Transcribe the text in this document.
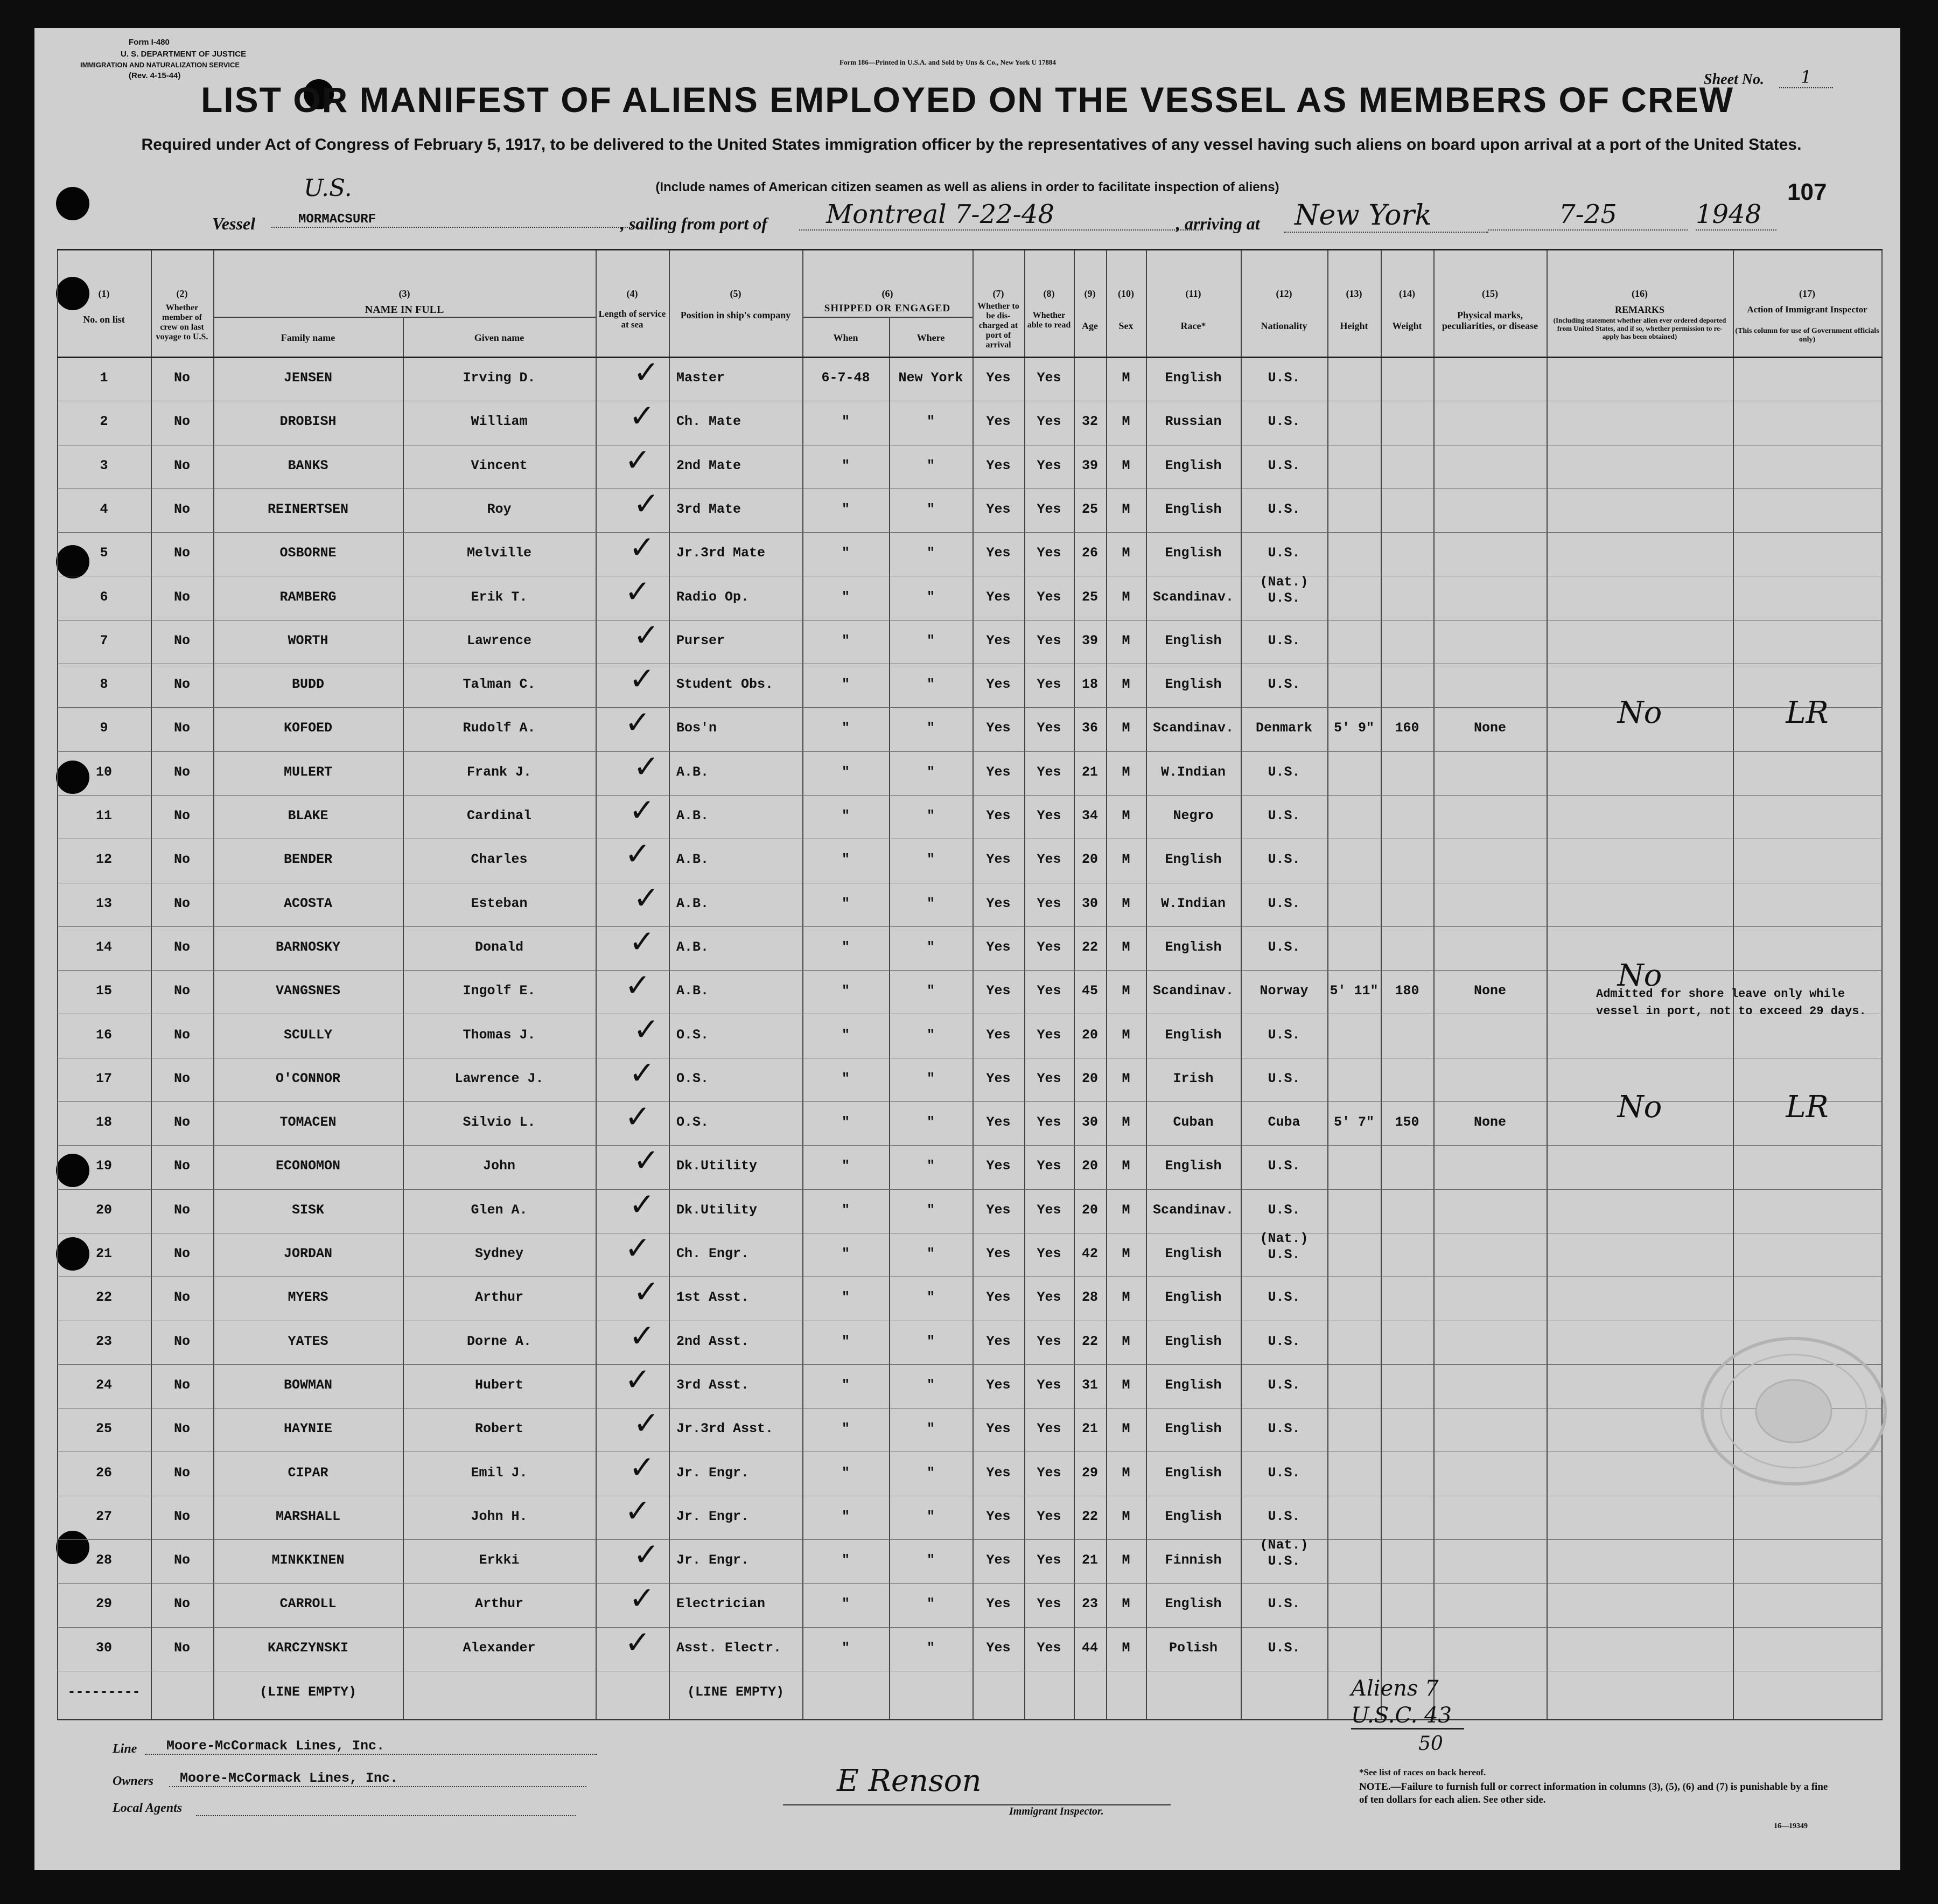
Form I-480
U. S. DEPARTMENT OF JUSTICE
IMMIGRATION AND NATURALIZATION SERVICE
(Rev. 4-15-44)
Form 186—Printed in U.S.A. and Sold by Uns & Co., New York U 17884
Sheet No.	1
LIST OR MANIFEST OF ALIENS EMPLOYED ON THE VESSEL AS MEMBERS OF CREW
Required under Act of Congress of February 5, 1917, to be delivered to the United States immigration officer by the representatives of any vessel having such aliens on board upon arrival at a port of the United States.
(Include names of American citizen seamen as well as aliens in order to facilitate inspection of aliens)	107
Vessel
U.S.
MORMACSURF	, sailing from port of	Montreal 7-22-48	, arriving at	New York	7-25	1948
(1)	(2)	(3)	(4)	(5)	(6)	(7)	(8)	(9)	(10)	(11)	(12)	(13)	(14)	(15)	(16)	(17)
No. on list
Whether member of crew on last voyage to U.S.
NAME IN FULL
Family name	Given name
Length of service at sea
Position in ship's company
SHIPPED OR ENGAGED
When	Where
Whether to be dis-charged at port of arrival
Whether able to read	Age	Sex	Race*	Nationality	Height	Weight
Physical marks, peculiarities, or disease
REMARKS
(Including statement whether alien ever ordered deported from United States, and if so, whether permission to re-apply has been obtained)
Action of Immigrant Inspector
(This column for use of Government officials only)
✓
1	No	JENSEN	Irving D.	Master	6-7-48	New York	Yes	Yes	M	English	U.S.
✓
2	No	DROBISH	William	Ch. Mate	"	"	Yes	Yes	32	M	Russian	U.S.
✓
3	No	BANKS	Vincent	2nd Mate	"	"	Yes	Yes	39	M	English	U.S.
✓
4	No	REINERTSEN	Roy	3rd Mate	"	"	Yes	Yes	25	M	English	U.S.
✓
5	No	OSBORNE	Melville	Jr.3rd Mate	"	"	Yes	Yes	26	M	English	U.S.
✓
6	No	RAMBERG	Erik T.	Radio Op.	"	"	Yes	Yes	25	M	Scandinav.
(Nat.) U.S.
✓
7	No	WORTH	Lawrence	Purser	"	"	Yes	Yes	39	M	English	U.S.
✓
8	No	BUDD	Talman C.	Student Obs.	"	"	Yes	Yes	18	M	English	U.S.
✓
9	No	KOFOED	Rudolf A.	Bos'n	"	"	Yes	Yes	36	M	Scandinav.	Denmark	5' 9"	160	None	No	LR
✓
10	No	MULERT	Frank J.	A.B.	"	"	Yes	Yes	21	M	W.Indian	U.S.
✓
11	No	BLAKE	Cardinal	A.B.	"	"	Yes	Yes	34	M	Negro	U.S.
✓
12	No	BENDER	Charles	A.B.	"	"	Yes	Yes	20	M	English	U.S.
✓
13	No	ACOSTA	Esteban	A.B.	"	"	Yes	Yes	30	M	W.Indian	U.S.
✓
14	No	BARNOSKY	Donald	A.B.	"	"	Yes	Yes	22	M	English	U.S.
✓
15	No	VANGSNES	Ingolf E.	A.B.	"	"	Yes	Yes	45	M	Scandinav.	Norway	5' 11"	180	None	No
✓
16	No	SCULLY	Thomas J.	O.S.	"	"	Yes	Yes	20	M	English	U.S.
✓
17	No	O'CONNOR	Lawrence J.	O.S.	"	"	Yes	Yes	20	M	Irish	U.S.
✓
18	No	TOMACEN	Silvio L.	O.S.	"	"	Yes	Yes	30	M	Cuban	Cuba	5' 7"	150	None	No	LR
✓
19	No	ECONOMON	John	Dk.Utility	"	"	Yes	Yes	20	M	English	U.S.
✓
20	No	SISK	Glen A.	Dk.Utility	"	"	Yes	Yes	20	M	Scandinav.	U.S.
✓
21	No	JORDAN	Sydney	Ch. Engr.	"	"	Yes	Yes	42	M	English
(Nat.) U.S.
✓
22	No	MYERS	Arthur	1st Asst.	"	"	Yes	Yes	28	M	English	U.S.
✓
23	No	YATES	Dorne A.	2nd Asst.	"	"	Yes	Yes	22	M	English	U.S.
✓
24	No	BOWMAN	Hubert	3rd Asst.	"	"	Yes	Yes	31	M	English	U.S.
✓
25	No	HAYNIE	Robert	Jr.3rd Asst.	"	"	Yes	Yes	21	M	English	U.S.
✓
26	No	CIPAR	Emil J.	Jr. Engr.	"	"	Yes	Yes	29	M	English	U.S.
✓
27	No	MARSHALL	John H.	Jr. Engr.	"	"	Yes	Yes	22	M	English	U.S.
✓
28	No	MINKKINEN	Erkki	Jr. Engr.	"	"	Yes	Yes	21	M	Finnish
(Nat.) U.S.
✓
29	No	CARROLL	Arthur	Electrician	"	"	Yes	Yes	23	M	English	U.S.
✓
30	No	KARCZYNSKI	Alexander	Asst. Electr.	"	"	Yes	Yes	44	M	Polish	U.S.
---------	(LINE EMPTY)	(LINE EMPTY)
Admitted for shore leave only while vessel in port, not to exceed 29 days.
Aliens 7
U.S.C. 43
50
Line	Moore-McCormack Lines, Inc.
Owners	Moore-McCormack Lines, Inc.
Local Agents
E Renson
Immigrant Inspector.
*See list of races on back hereof.
NOTE.—Failure to furnish full or correct information in columns (3), (5), (6) and (7) is punishable by a fine of ten dollars for each alien. See other side.
16—19349
